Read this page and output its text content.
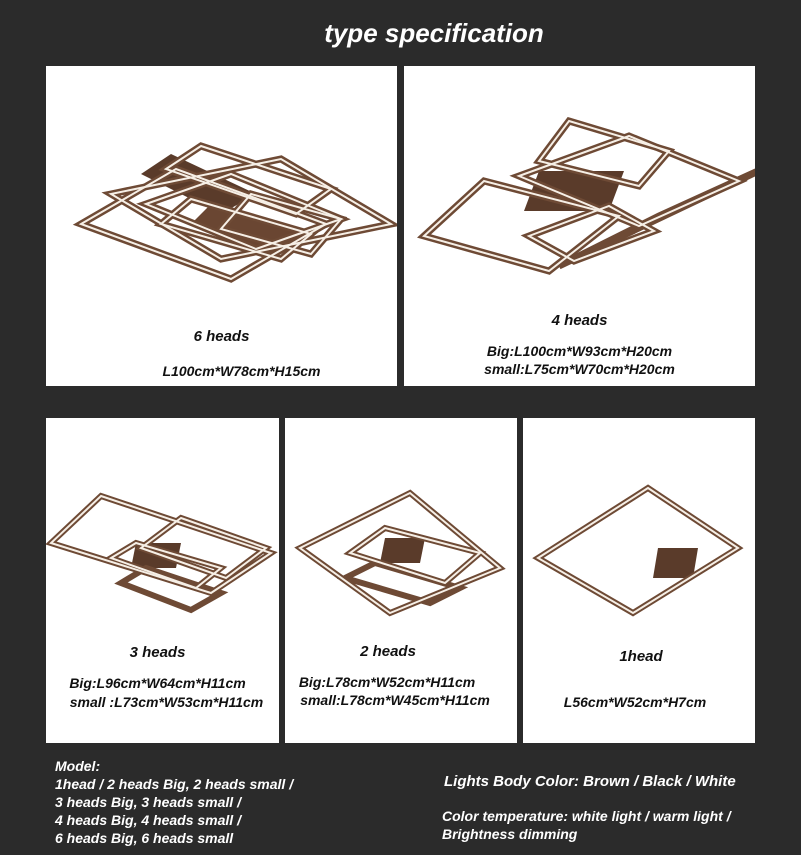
type specification
6 heads
L100cm*W78cm*H15cm
4 heads
Big:L100cm*W93cm*H20cm
small:L75cm*W70cm*H20cm
3 heads
Big:L96cm*W64cm*H11cm
small :L73cm*W53cm*H11cm
2 heads
Big:L78cm*W52cm*H11cm
small:L78cm*W45cm*H11cm
1head
L56cm*W52cm*H7cm
Model:
1head / 2 heads Big, 2 heads small /
3 heads Big, 3 heads small /
4 heads Big, 4 heads small /
6 heads Big, 6 heads small
Lights Body Color: Brown / Black / White
Color temperature: white light / warm light /
Brightness dimming
